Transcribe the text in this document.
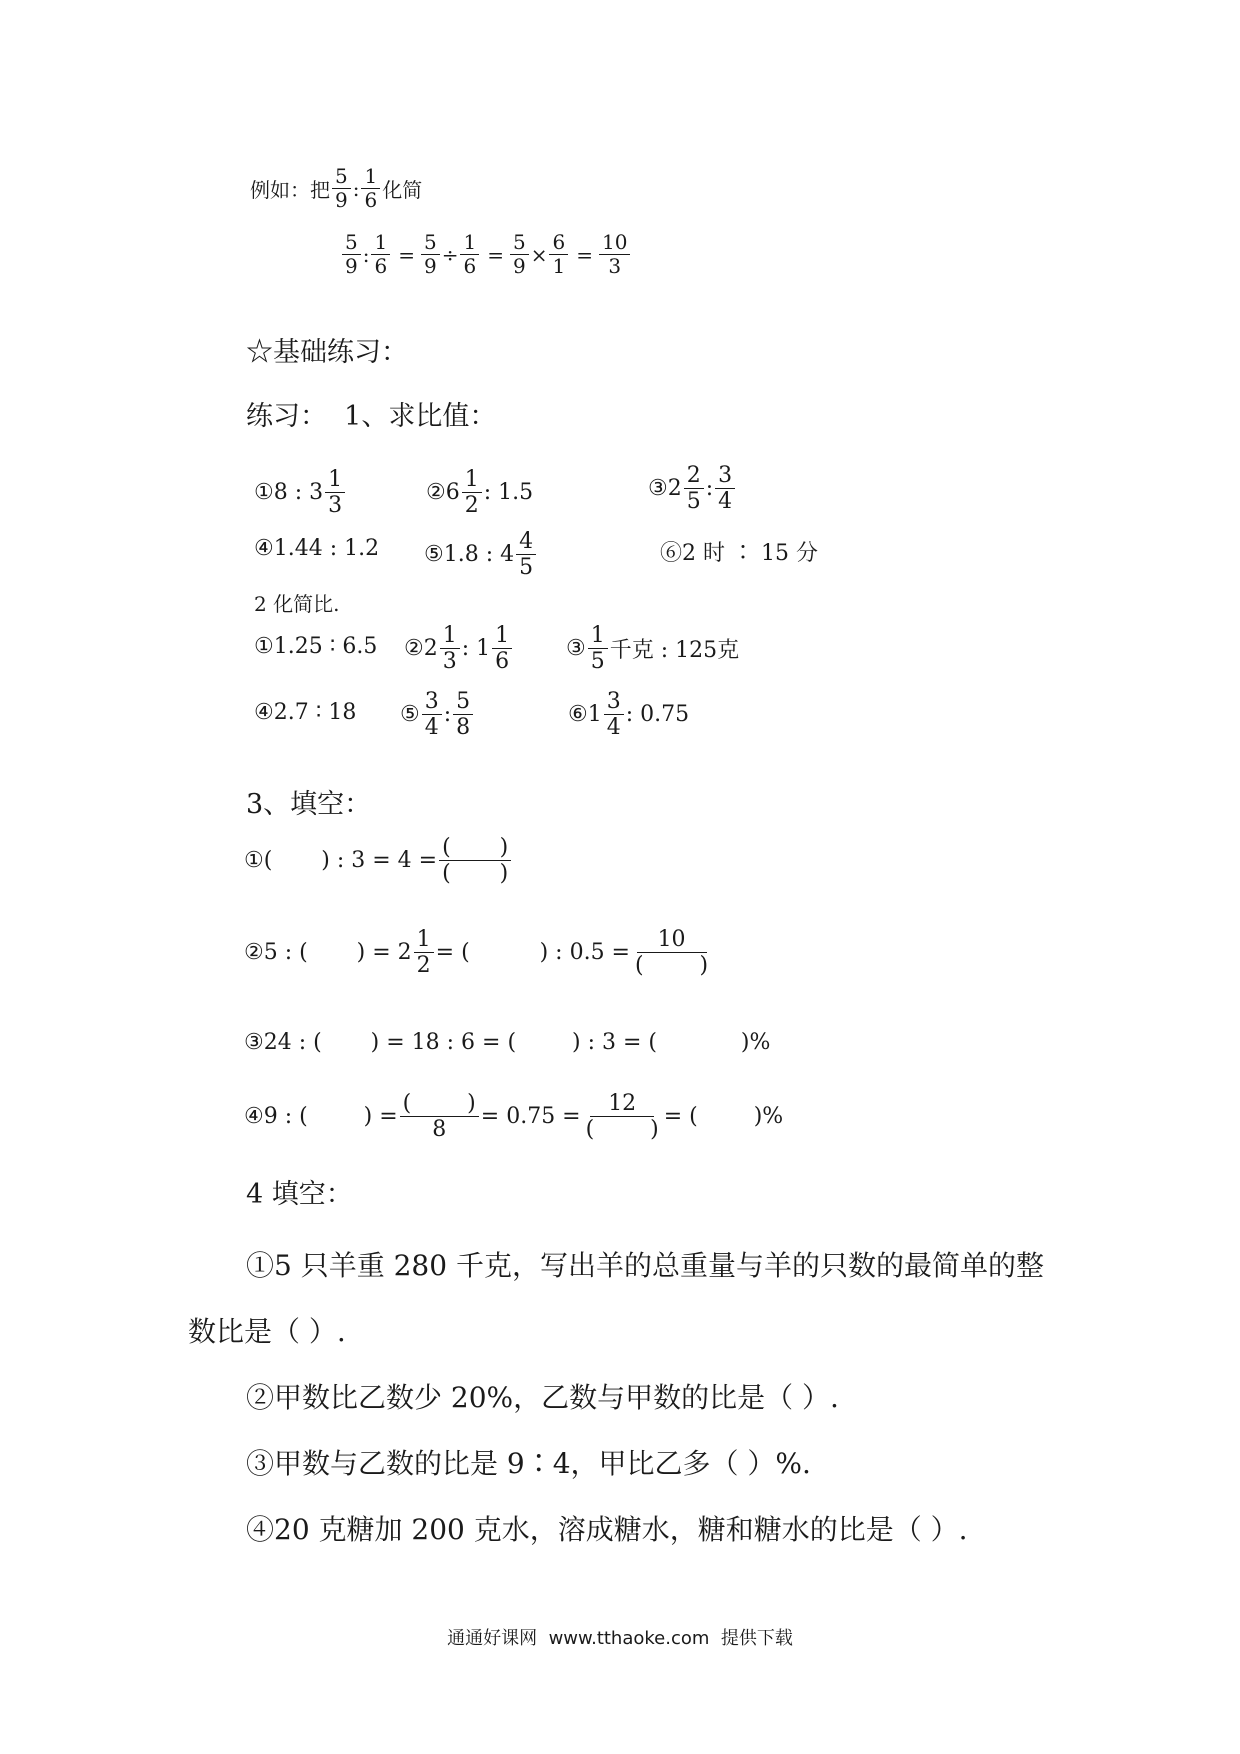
例如：把 $\frac{5}{9}$ : $\frac{1}{6}$ 化简
$\frac{5}{9}$ : $\frac{1}{6} = \frac{5}{9} \div \frac{1}{6} = \frac{5}{9} \times \frac{6}{1} = \frac{10}{3}$
☆基础练习：
练习：  1、求比值：
①8 : $3 \frac{1}{3}$	②6 $\frac{1}{2}$ : 1.5	③2 $\frac{2}{5}$ : $\frac{3}{4}$
④1.44 : 1.2 ⑤1.8 : $4 \frac{4}{5}$	⑥2 时 ∶ 15 分
2 化简比.
①1.25 ∶ 6.5 ②2 $\frac{1}{3}$ : $1 \frac{1}{6}$ ③ $\frac{1}{5}$ 千克 : 125克
④2.7 ∶ 18 ⑤ $\frac{3}{4}$ : $\frac{5}{8}$	⑥1 $\frac{3}{4}$ : 0.75
3、填空：
①(       ) : $3 = 4 = \frac{( )}{( )}$
②5 : (       ) = $2 \frac{1}{2}$ = (          ) : $0.5 = \frac{10}{( )}$
③24 : (       ) = 18 : 6 = (        ) : 3 = (            )%
④9 : (        ) = $\frac{( )}{8} = 0.75 = \frac{12}{( )}$ = (        )%
4 填空：
①5 只羊重 280 千克，写出羊的总重量与羊的只数的最简单的整
数比是（ ）.
②甲数比乙数少 20%，乙数与甲数的比是（ ）.
③甲数与乙数的比是 9∶4，甲比乙多（ ）%.
④20 克糖加 200 克水，溶成糖水，糖和糖水的比是（ ）.
通通好课网  www.tthaoke.com  提供下载
